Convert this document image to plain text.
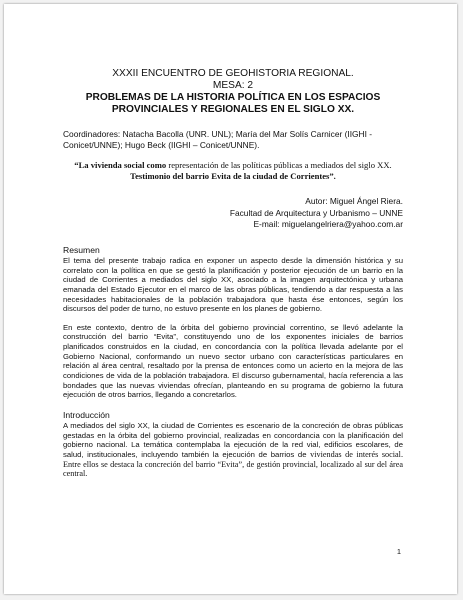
XXXII ENCUENTRO DE GEOHISTORIA REGIONAL.
MESA: 2
PROBLEMAS DE LA HISTORIA POLÍTICA EN LOS ESPACIOS
PROVINCIALES Y REGIONALES EN EL SIGLO XX.
Coordinadores: Natacha Bacolla (UNR. UNL); María del Mar Solís Carnicer (IIGHI - Conicet/UNNE); Hugo Beck (IIGHI – Conicet/UNNE).
“La vivienda social como representación de las políticas públicas a mediados del siglo XX. Testimonio del barrio Evita de la ciudad de Corrientes”.
Autor: Miguel Ángel Riera.
Facultad de Arquitectura y Urbanismo – UNNE
E-mail: miguelangelriera@yahoo.com.ar
Resumen
El tema del presente trabajo radica en exponer un aspecto desde la dimensión histórica y su correlato con la política en que se gestó la planificación y posterior ejecución de un barrio en la ciudad de Corrientes a mediados del siglo XX, asociado a la imagen arquitectónica y urbana emanada del Estado Ejecutor en el marco de las obras públicas, tendiendo a dar respuesta a las necesidades habitacionales de la población trabajadora que hasta ése entonces, según los discursos del poder de turno, no estuvo presente en los planes de gobierno.
En este contexto, dentro de la órbita del gobierno provincial correntino, se llevó adelante la construcción del barrio “Evita”, constituyendo uno de los exponentes iniciales de barrios planificados construidos en la ciudad, en concordancia con la política llevada adelante por el Gobierno Nacional, conformando un nuevo sector urbano con características particulares en relación al área central, resaltado por la prensa de entonces como un acierto en la mejora de las condiciones de vida de la población trabajadora. El discurso gubernamental, hacía referencia a las bondades que las nuevas viviendas ofrecían, planteando en su programa de gobierno la futura ejecución de otros barrios, llegando a concretarlos.
Introducción
A mediados del siglo XX, la ciudad de Corrientes es escenario de la concreción de obras públicas gestadas en la órbita del gobierno provincial, realizadas en concordancia con la planificación del gobierno nacional. La temática contemplaba la ejecución de la red vial, edificios escolares, de salud, institucionales, incluyendo también la ejecución de barrios de viviendas de interés social. Entre ellos se destaca la concreción del barrio “Evita”, de gestión provincial, localizado al sur del área central.
1
